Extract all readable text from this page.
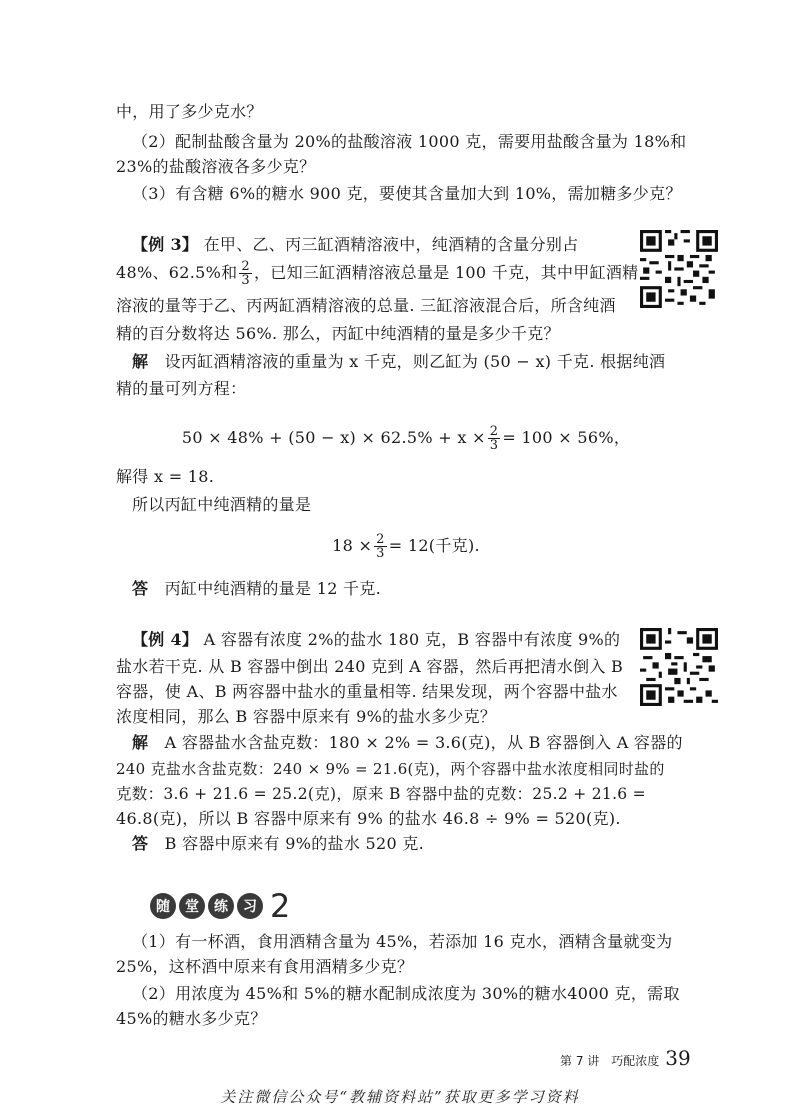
中，用了多少克水？
（2）配制盐酸含量为 20%的盐酸溶液 1000 克，需要用盐酸含量为 18%和
23%的盐酸溶液各多少克？
（3）有含糖 6%的糖水 900 克，要使其含量加大到 10%，需加糖多少克？
【例 3】 在甲、乙、丙三缸酒精溶液中，纯酒精的含量分别占
48%、62.5%和 $\frac{2}{3}$ ，已知三缸酒精溶液总量是 100 千克，其中甲缸酒精
溶液的量等于乙、丙两缸酒精溶液的总量. 三缸溶液混合后，所含纯酒
精的百分数将达 56%. 那么，丙缸中纯酒精的量是多少千克？
解　 设丙缸酒精溶液的重量为 x 千克，则乙缸为 (50 − x) 千克. 根据纯酒
精的量可列方程：
$50 \times 48\% + (50 - x) \times 62.5\% + x \times \frac{2}{3} = 100 \times 56\%$，
解得 x = 18.
所以丙缸中纯酒精的量是
$18 \times \frac{2}{3} = 12$(千克).
答　 丙缸中纯酒精的量是 12 千克.
【例 4】 A 容器有浓度 2%的盐水 180 克，B 容器中有浓度 9%的
盐水若干克. 从 B 容器中倒出 240 克到 A 容器，然后再把清水倒入 B
容器，使 A、B 两容器中盐水的重量相等. 结果发现，两个容器中盐水
浓度相同，那么 B 容器中原来有 9%的盐水多少克？
解　 A 容器盐水含盐克数：180 × 2% = 3.6(克)，从 B 容器倒入 A 容器的
240 克盐水含盐克数：240 × 9% = 21.6(克)，两个容器中盐水浓度相同时盐的
克数：3.6 + 21.6 = 25.2(克)，原来 B 容器中盐的克数：25.2 + 21.6 =
46.8(克)，所以 B 容器中原来有 9% 的盐水 46.8 ÷ 9% = 520(克).
答　 B 容器中原来有 9%的盐水 520 克.
随	堂	练	习 2
（1）有一杯酒，食用酒精含量为 45%，若添加 16 克水，酒精含量就变为
25%，这杯酒中原来有食用酒精多少克？
（2）用浓度为 45%和 5%的糖水配制成浓度为 30%的糖水4000 克，需取
45%的糖水多少克？
第 7 讲　巧配浓度 39
关注微信公众号“教辅资料站”获取更多学习资料
